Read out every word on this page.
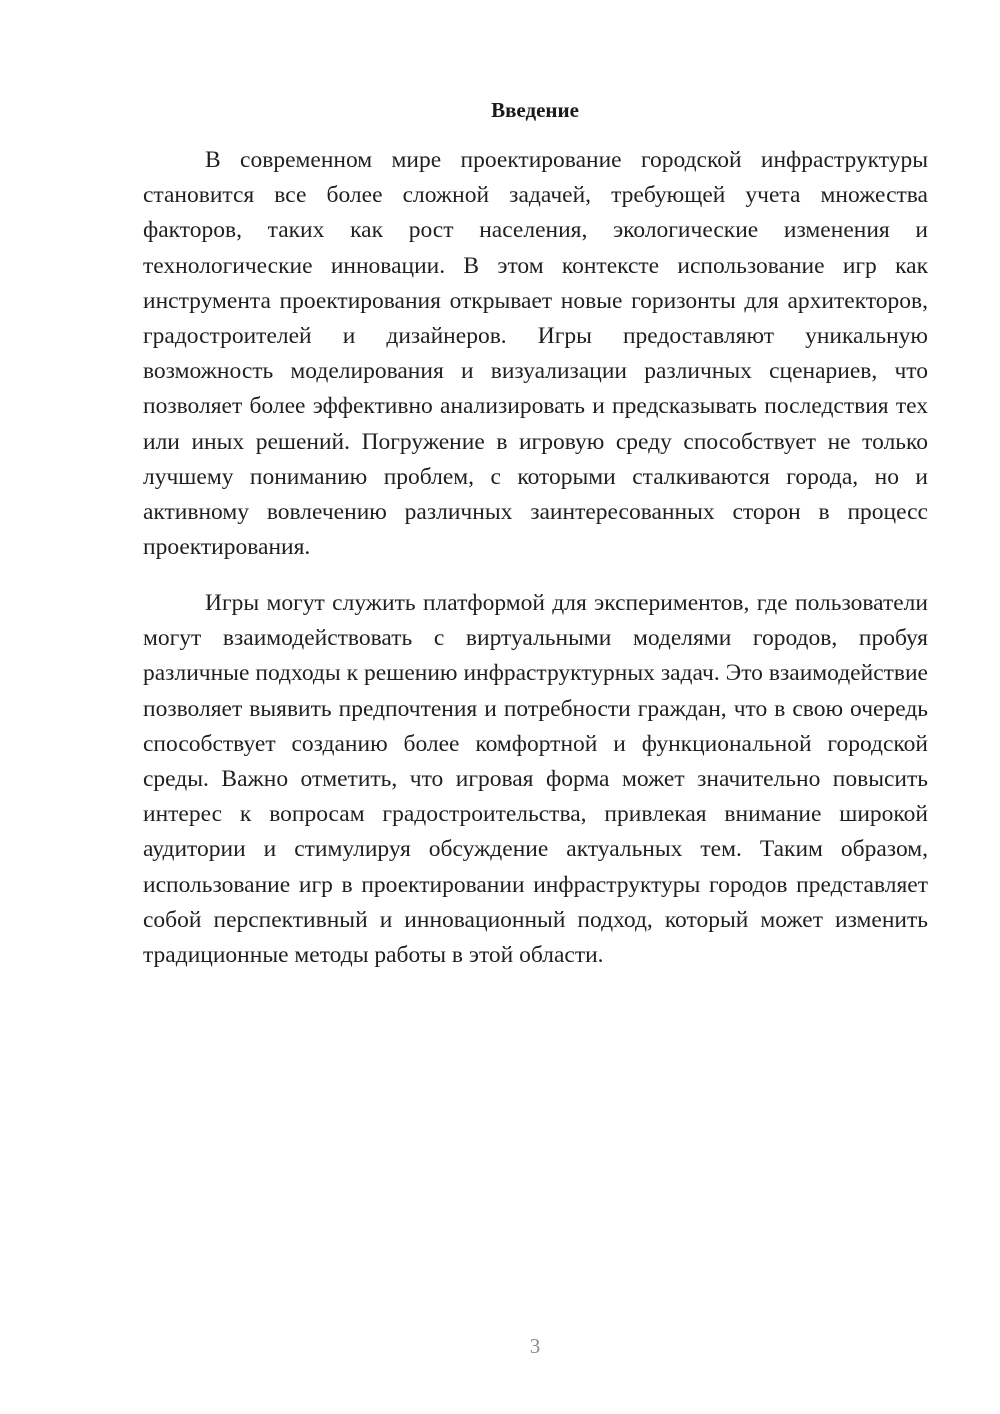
Введение

В современном мире проектирование городской инфраструктуры становится все более сложной задачей, требующей учета множества факторов, таких как рост населения, экологические изменения и технологические инновации. В этом контексте использование игр как инструмента проектирования открывает новые горизонты для архитекторов, градостроителей и дизайнеров. Игры предоставляют уникальную возможность моделирования и визуализации различных сценариев, что позволяет более эффективно анализировать и предсказывать последствия тех или иных решений. Погружение в игровую среду способствует не только лучшему пониманию проблем, с которыми сталкиваются города, но и активному вовлечению различных заинтересованных сторон в процесс проектирования.

Игры могут служить платформой для экспериментов, где пользователи могут взаимодействовать с виртуальными моделями городов, пробуя различные подходы к решению инфраструктурных задач. Это взаимодействие позволяет выявить предпочтения и потребности граждан, что в свою очередь способствует созданию более комфортной и функциональной городской среды. Важно отметить, что игровая форма может значительно повысить интерес к вопросам градостроительства, привлекая внимание широкой аудитории и стимулируя обсуждение актуальных тем. Таким образом, использование игр в проектировании инфраструктуры городов представляет собой перспективный и инновационный подход, который может изменить традиционные методы работы в этой области.

3
